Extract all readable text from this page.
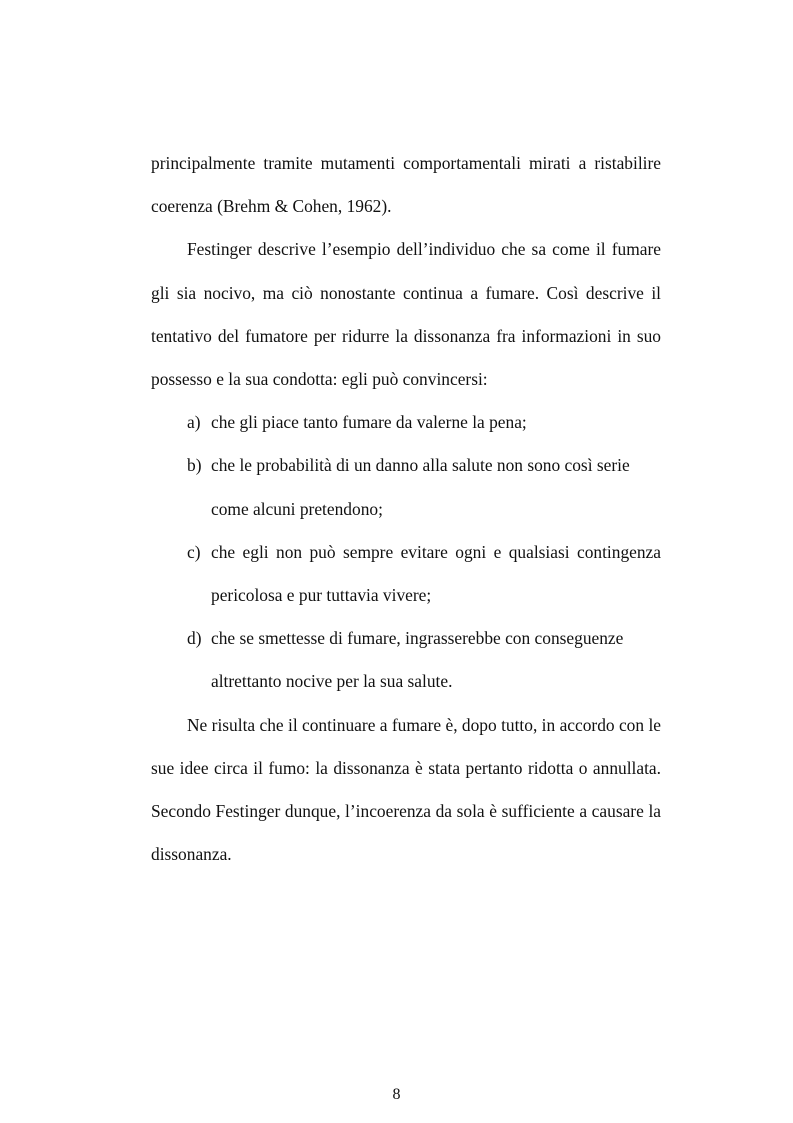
principalmente tramite mutamenti comportamentali mirati a ristabilire coerenza (Brehm & Cohen, 1962).

Festinger descrive l’esempio dell’individuo che sa come il fumare gli sia nocivo, ma ciò nonostante continua a fumare. Così descrive il tentativo del fumatore per ridurre la dissonanza fra informazioni in suo possesso e la sua condotta: egli può convincersi:

a) che gli piace tanto fumare da valerne la pena;
b) che le probabilità di un danno alla salute non sono così serie come alcuni pretendono;
c) che egli non può sempre evitare ogni e qualsiasi contingenza pericolosa e pur tuttavia vivere;
d) che se smettesse di fumare, ingrasserebbe con conseguenze altrettanto nocive per la sua salute.

Ne risulta che il continuare a fumare è, dopo tutto, in accordo con le sue idee circa il fumo: la dissonanza è stata pertanto ridotta o annullata. Secondo Festinger dunque, l’incoerenza da sola è sufficiente a causare la dissonanza.

8
